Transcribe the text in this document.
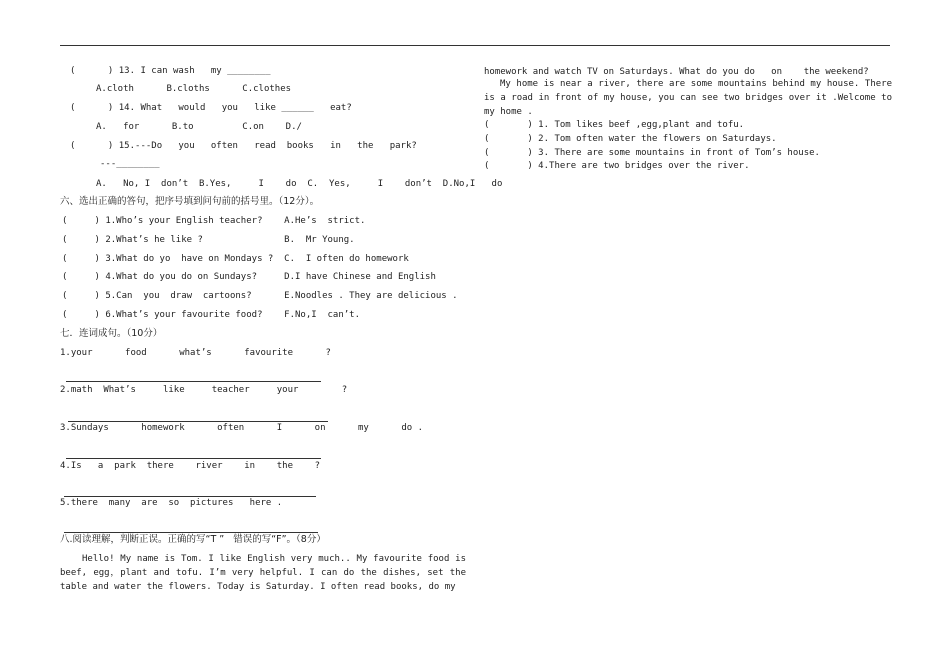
(      ) 13. I can wash   my ________
A.cloth      B.cloths      C.clothes
(      ) 14. What   would   you   like ______   eat?
A.   for      B.to         C.on    D./
(      ) 15.---Do   you   often   read  books   in   the   park?
---________
A.   No, I  don’t  B.Yes,     I    do  C.  Yes,     I    don’t  D.No,I   do
六、选出正确的答句，把序号填到问句前的括号里。（12分）。
(     ) 1.Who’s your English teacher?    A.He’s  strict.
(     ) 2.What’s he like ?               B.  Mr Young.
(     ) 3.What do yo  have on Mondays ?  C.  I often do homework
(     ) 4.What do you do on Sundays?     D.I have Chinese and English
(     ) 5.Can  you  draw  cartoons?      E.Noodles . They are delicious .
(     ) 6.What’s your favourite food?    F.No,I  can’t.
七．连词成句。（10分）
1.your      food      what’s      favourite      ?
2.math  What’s     like     teacher     your        ?
3.Sundays      homework      often      I      on      my      do .
4.Is   a  park  there    river    in    the    ?
5.there  many  are  so  pictures   here .
八.阅读理解，判断正误。正确的写“T ”   错误的写“F”。（8分）
Hello! My name is Tom. I like English very much.. My favourite food is beef, egg，plant and tofu. I’m very helpful. I can do the dishes, set the table and water the flowers. Today is Saturday. I often read books, do my
homework and watch TV on Saturdays. What do you do   on    the weekend?
My home is near a river, there are some mountains behind my house. There is a road in front of my house, you can see two bridges over it .Welcome to my home .
(       ) 1. Tom likes beef ,egg,plant and tofu.
(       ) 2. Tom often water the flowers on Saturdays.
(       ) 3. There are some mountains in front of Tom’s house.
(       ) 4.There are two bridges over the river.
